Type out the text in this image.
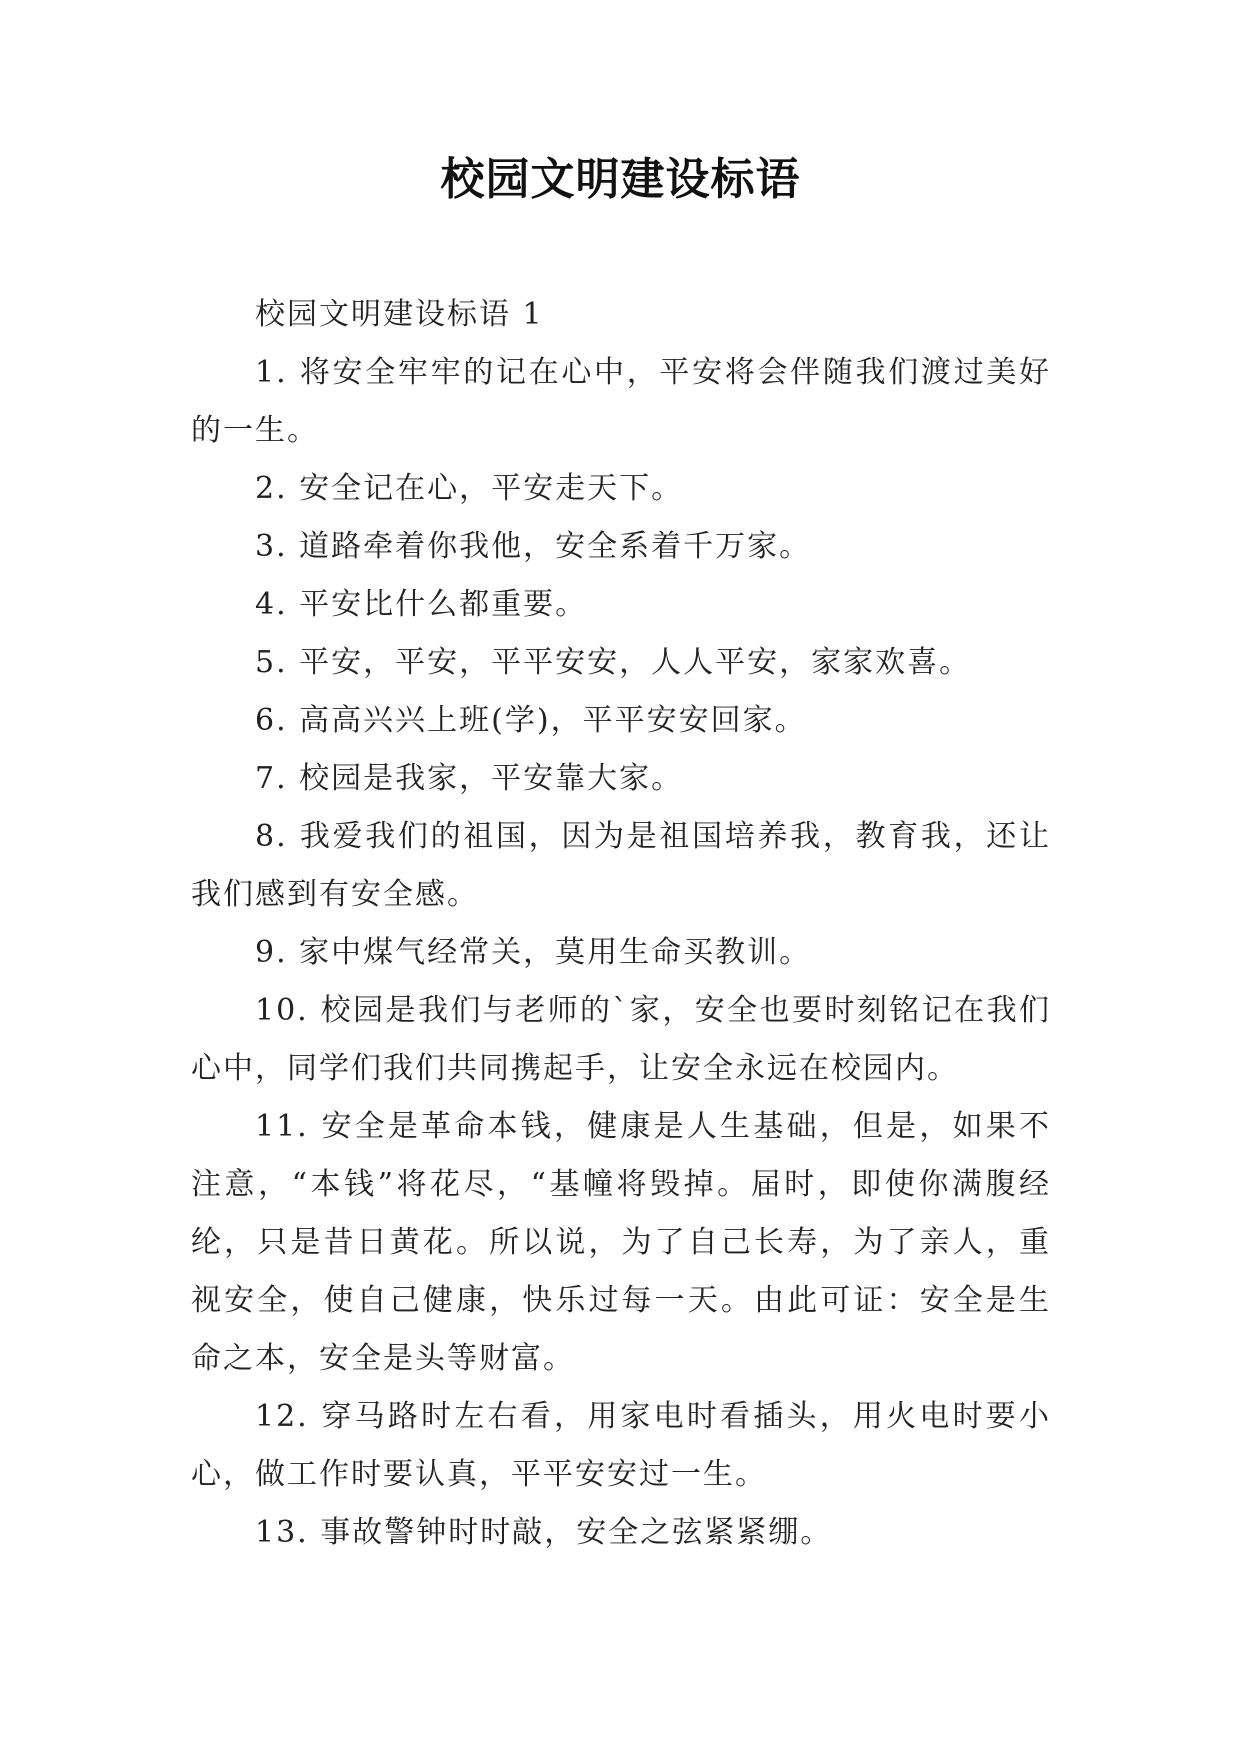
校园文明建设标语

校园文明建设标语 1

1. 将安全牢牢的记在心中，平安将会伴随我们渡过美好的一生。

2. 安全记在心，平安走天下。

3. 道路牵着你我他，安全系着千万家。

4. 平安比什么都重要。

5. 平安，平安，平平安安，人人平安，家家欢喜。

6. 高高兴兴上班(学)，平平安安回家。

7. 校园是我家，平安靠大家。

8. 我爱我们的祖国，因为是祖国培养我，教育我，还让我们感到有安全感。

9. 家中煤气经常关，莫用生命买教训。

10. 校园是我们与老师的`家，安全也要时刻铭记在我们心中，同学们我们共同携起手，让安全永远在校园内。

11. 安全是革命本钱，健康是人生基础，但是，如果不注意，“本钱”将花尽，“基幢将毁掉。届时，即使你满腹经纶，只是昔日黄花。所以说，为了自己长寿，为了亲人，重视安全，使自己健康，快乐过每一天。由此可证：安全是生命之本，安全是头等财富。

12. 穿马路时左右看，用家电时看插头，用火电时要小心，做工作时要认真，平平安安过一生。

13. 事故警钟时时敲，安全之弦紧紧绷。
